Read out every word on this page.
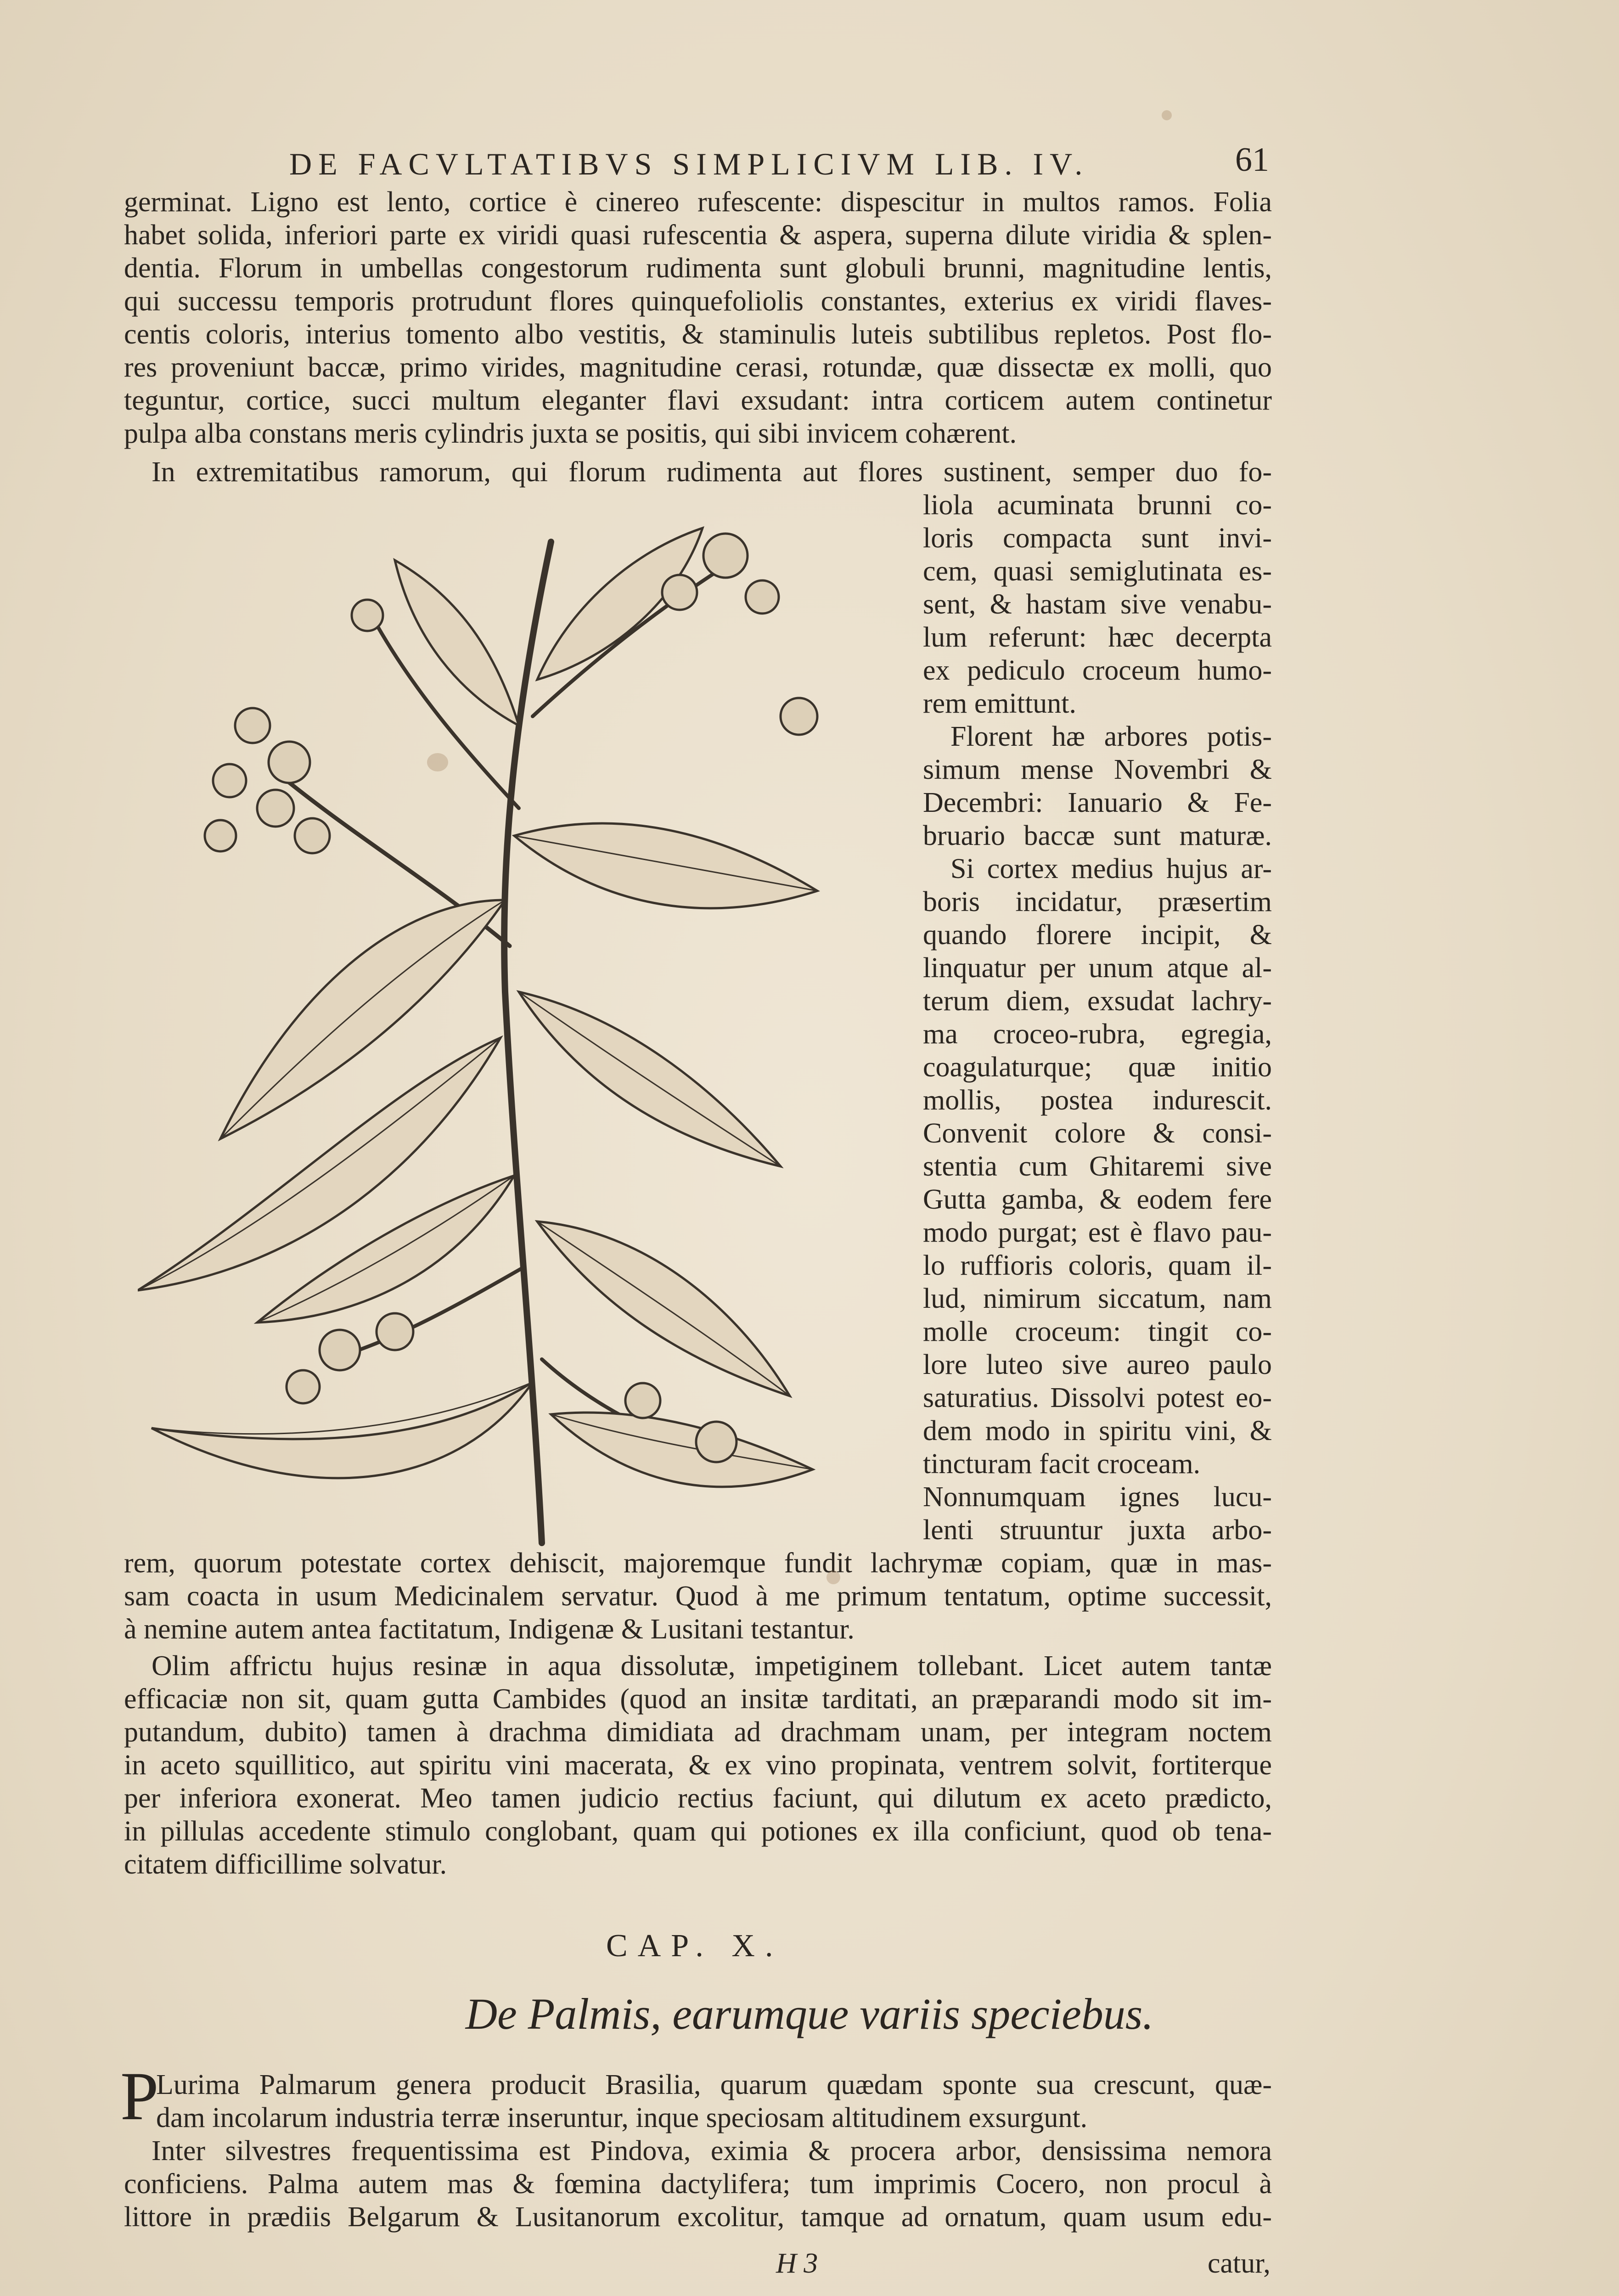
DE FACVLTATIBVS SIMPLICIVM LIB. IV.	61
germinat. Ligno est lento, cortice è cinereo rufescente: dispescitur in multos ramos. Folia
habet solida, inferiori parte ex viridi quasi rufescentia & aspera, superna dilute viridia & splen-
dentia. Florum in umbellas congestorum rudimenta sunt globuli brunni, magnitudine lentis,
qui successu temporis protrudunt flores quinquefoliolis constantes, exterius ex viridi flaves-
centis coloris, interius tomento albo vestitis, & staminulis luteis subtilibus repletos. Post flo-
res proveniunt baccæ, primo virides, magnitudine cerasi, rotundæ, quæ dissectæ ex molli, quo
teguntur, cortice, succi multum eleganter flavi exsudant: intra corticem autem continetur
pulpa alba constans meris cylindris juxta se positis, qui sibi invicem cohærent.
In extremitatibus ramorum, qui florum rudimenta aut flores sustinent, semper duo fo-
liola acuminata brunni co-
loris compacta sunt invi-
cem, quasi semiglutinata es-
sent, & hastam sive venabu-
lum referunt: hæc decerpta
ex pediculo croceum humo-
rem emittunt.
Florent hæ arbores potis-
simum mense Novembri &
Decembri: Ianuario & Fe-
bruario baccæ sunt maturæ.
Si cortex medius hujus ar-
boris incidatur, præsertim
quando florere incipit, &
linquatur per unum atque al-
terum diem, exsudat lachry-
ma croceo-rubra, egregia,
coagulaturque; quæ initio
mollis, postea indurescit.
Convenit colore & consi-
stentia cum Ghitaremi sive
Gutta gamba, & eodem fere
modo purgat; est è flavo pau-
lo ruffioris coloris, quam il-
lud, nimirum siccatum, nam
molle croceum: tingit co-
lore luteo sive aureo paulo
saturatius. Dissolvi potest eo-
dem modo in spiritu vini, &
tincturam facit croceam.
Nonnumquam ignes lucu-
lenti struuntur juxta arbo-
rem, quorum potestate cortex dehiscit, majoremque fundit lachrymæ copiam, quæ in mas-
sam coacta in usum Medicinalem servatur. Quod à me primum tentatum, optime successit,
à nemine autem antea factitatum, Indigenæ & Lusitani testantur.
Olim affrictu hujus resinæ in aqua dissolutæ, impetiginem tollebant. Licet autem tantæ
efficaciæ non sit, quam gutta Cambides (quod an insitæ tarditati, an præparandi modo sit im-
putandum, dubito) tamen à drachma dimidiata ad drachmam unam, per integram noctem
in aceto squillitico, aut spiritu vini macerata, & ex vino propinata, ventrem solvit, fortiterque
per inferiora exonerat. Meo tamen judicio rectius faciunt, qui dilutum ex aceto prædicto,
in pillulas accedente stimulo conglobant, quam qui potiones ex illa conficiunt, quod ob tena-
citatem difficillime solvatur.
CAP. X.
De Palmis, earumque variis speciebus.
P
Lurima Palmarum genera producit Brasilia, quarum quædam sponte sua crescunt, quæ-
dam incolarum industria terræ inseruntur, inque speciosam altitudinem exsurgunt.
Inter silvestres frequentissima est Pindova, eximia & procera arbor, densissima nemora
conficiens. Palma autem mas & fœmina dactylifera; tum imprimis Cocero, non procul à
littore in prædiis Belgarum & Lusitanorum excolitur, tamque ad ornatum, quam usum edu-
H 3	catur,
